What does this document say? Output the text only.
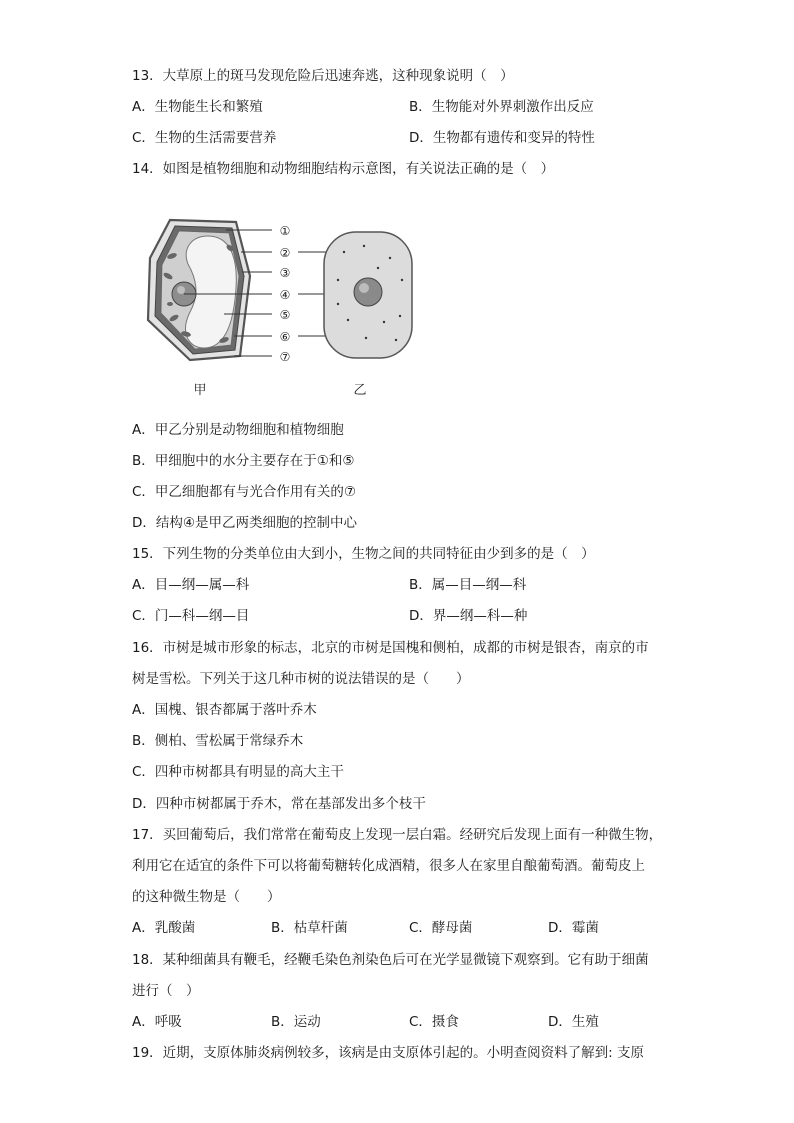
13．大草原上的斑马发现危险后迅速奔逃，这种现象说明（　）
A．生物能生长和繁殖	B．生物能对外界刺激作出反应
C．生物的生活需要营养	D．生物都有遗传和变异的特性
14．如图是植物细胞和动物细胞结构示意图，有关说法正确的是（　）
①
②
③
④
⑤
⑥
⑦
甲	乙
A．甲乙分别是动物细胞和植物细胞
B．甲细胞中的水分主要存在于①和⑤
C．甲乙细胞都有与光合作用有关的⑦
D．结构④是甲乙两类细胞的控制中心
15．下列生物的分类单位由大到小，生物之间的共同特征由少到多的是（　）
A．目—纲—属—科	B．属—目—纲—科
C．门—科—纲—目	D．界—纲—科—种
16．市树是城市形象的标志，北京的市树是国槐和侧柏，成都的市树是银杏，南京的市
树是雪松。下列关于这几种市树的说法错误的是（　　）
A．国槐、银杏都属于落叶乔木
B．侧柏、雪松属于常绿乔木
C．四种市树都具有明显的高大主干
D．四种市树都属于乔木，常在基部发出多个枝干
17．买回葡萄后，我们常常在葡萄皮上发现一层白霜。经研究后发现上面有一种微生物，
利用它在适宜的条件下可以将葡萄糖转化成酒精，很多人在家里自酿葡萄酒。葡萄皮上
的这种微生物是（　　）
A．乳酸菌	B．枯草杆菌	C．酵母菌	D．霉菌
18．某种细菌具有鞭毛，经鞭毛染色剂染色后可在光学显微镜下观察到。它有助于细菌
进行（　）
A．呼吸	B．运动	C．摄食	D．生殖
19．近期，支原体肺炎病例较多，该病是由支原体引起的。小明查阅资料了解到: 支原
